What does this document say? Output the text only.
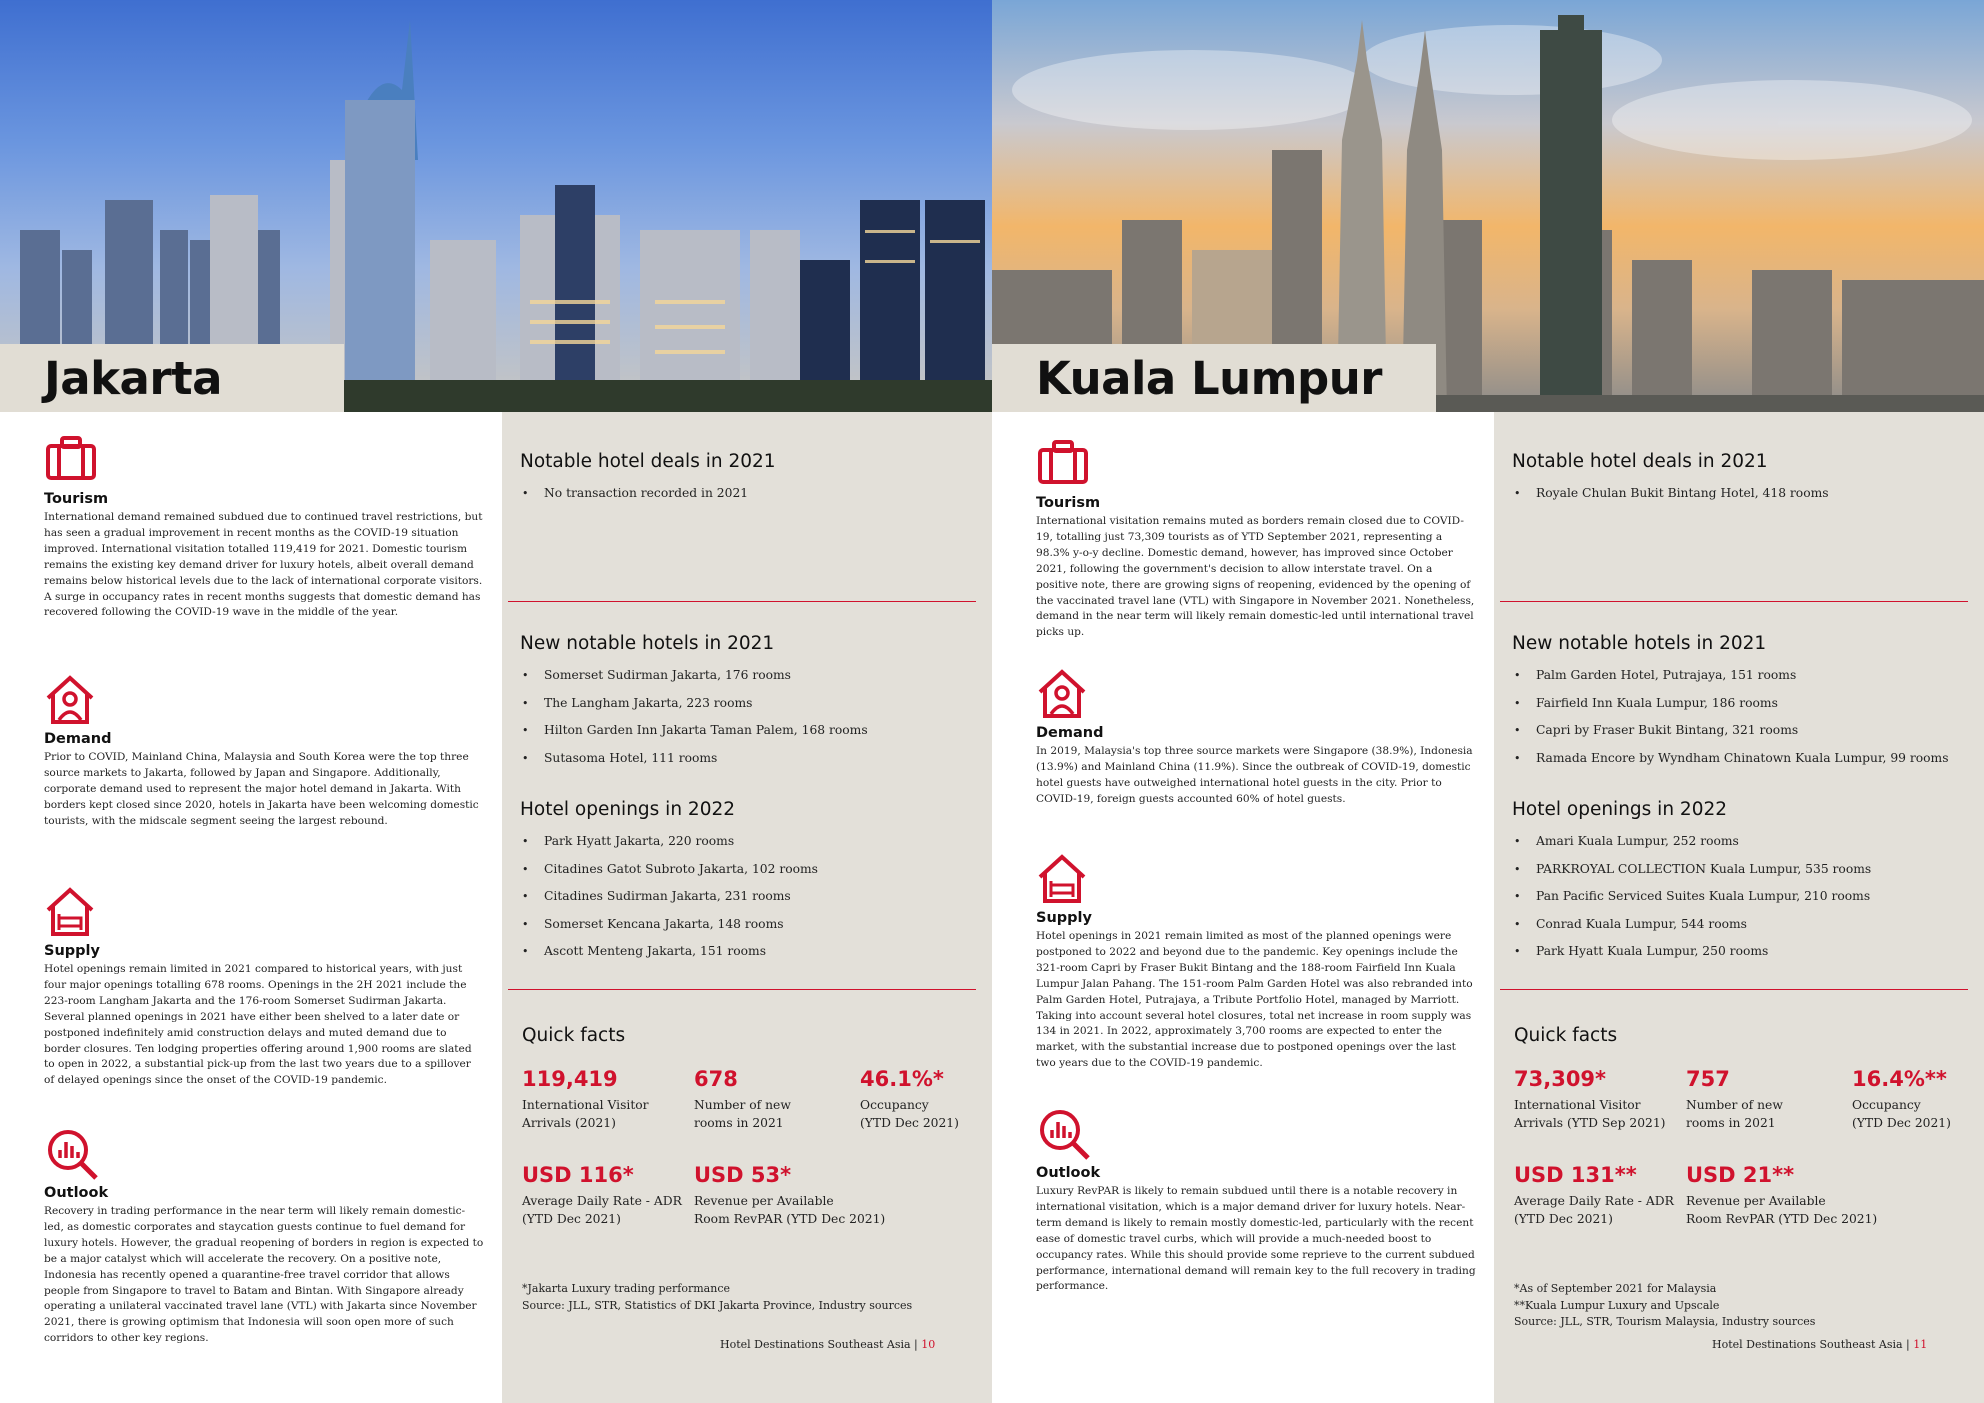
Jakarta
Tourism
International demand remained subdued due to continued travel restrictions, but has seen a gradual improvement in recent months as the COVID-19 situation improved. International visitation totalled 119,419 for 2021. Domestic tourism remains the existing key demand driver for luxury hotels, albeit overall demand remains below historical levels due to the lack of international corporate visitors. A surge in occupancy rates in recent months suggests that domestic demand has recovered following the COVID-19 wave in the middle of the year.
Demand
Prior to COVID, Mainland China, Malaysia and South Korea were the top three source markets to Jakarta, followed by Japan and Singapore. Additionally, corporate demand used to represent the major hotel demand in Jakarta. With borders kept closed since 2020, hotels in Jakarta have been welcoming domestic tourists, with the midscale segment seeing the largest rebound.
Supply
Hotel openings remain limited in 2021 compared to historical years, with just four major openings totalling 678 rooms. Openings in the 2H 2021 include the 223-room Langham Jakarta and the 176-room Somerset Sudirman Jakarta. Several planned openings in 2021 have either been shelved to a later date or postponed indefinitely amid construction delays and muted demand due to border closures. Ten lodging properties offering around 1,900 rooms are slated to open in 2022, a substantial pick-up from the last two years due to a spillover of delayed openings since the onset of the COVID-19 pandemic.
Outlook
Recovery in trading performance in the near term will likely remain domestic-led, as domestic corporates and staycation guests continue to fuel demand for luxury hotels. However, the gradual reopening of borders in region is expected to be a major catalyst which will accelerate the recovery. On a positive note, Indonesia has recently opened a quarantine-free travel corridor that allows people from Singapore to travel to Batam and Bintan. With Singapore already operating a unilateral vaccinated travel lane (VTL) with Jakarta since November 2021, there is growing optimism that Indonesia will soon open more of such corridors to other key regions.
Notable hotel deals in 2021
• No transaction recorded in 2021
New notable hotels in 2021
• Somerset Sudirman Jakarta, 176 rooms
• The Langham Jakarta, 223 rooms
• Hilton Garden Inn Jakarta Taman Palem, 168 rooms
• Sutasoma Hotel, 111 rooms
Hotel openings in 2022
• Park Hyatt Jakarta, 220 rooms
• Citadines Gatot Subroto Jakarta, 102 rooms
• Citadines Sudirman Jakarta, 231 rooms
• Somerset Kencana Jakarta, 148 rooms
• Ascott Menteng Jakarta, 151 rooms
Quick facts
119,419
International Visitor
Arrivals (2021)
678
Number of new
rooms in 2021
46.1%*
Occupancy
(YTD Dec 2021)
USD 116*
Average Daily Rate - ADR
(YTD Dec 2021)
USD 53*
Revenue per Available
Room RevPAR (YTD Dec 2021)
*Jakarta Luxury trading performance
Source: JLL, STR, Statistics of DKI Jakarta Province, Industry sources
Hotel Destinations Southeast Asia | 10
Kuala Lumpur
Tourism
International visitation remains muted as borders remain closed due to COVID-19, totalling just 73,309 tourists as of YTD September 2021, representing a 98.3% y-o-y decline. Domestic demand, however, has improved since October 2021, following the government's decision to allow interstate travel. On a positive note, there are growing signs of reopening, evidenced by the opening of the vaccinated travel lane (VTL) with Singapore in November 2021. Nonetheless, demand in the near term will likely remain domestic-led until international travel picks up.
Demand
In 2019, Malaysia's top three source markets were Singapore (38.9%), Indonesia (13.9%) and Mainland China (11.9%). Since the outbreak of COVID-19, domestic hotel guests have outweighed international hotel guests in the city. Prior to COVID-19, foreign guests accounted 60% of hotel guests.
Supply
Hotel openings in 2021 remain limited as most of the planned openings were postponed to 2022 and beyond due to the pandemic. Key openings include the 321-room Capri by Fraser Bukit Bintang and the 188-room Fairfield Inn Kuala Lumpur Jalan Pahang. The 151-room Palm Garden Hotel was also rebranded into Palm Garden Hotel, Putrajaya, a Tribute Portfolio Hotel, managed by Marriott. Taking into account several hotel closures, total net increase in room supply was 134 in 2021. In 2022, approximately 3,700 rooms are expected to enter the market, with the substantial increase due to postponed openings over the last two years due to the COVID-19 pandemic.
Outlook
Luxury RevPAR is likely to remain subdued until there is a notable recovery in international visitation, which is a major demand driver for luxury hotels. Near-term demand is likely to remain mostly domestic-led, particularly with the recent ease of domestic travel curbs, which will provide a much-needed boost to occupancy rates. While this should provide some reprieve to the current subdued performance, international demand will remain key to the full recovery in trading performance.
Notable hotel deals in 2021
• Royale Chulan Bukit Bintang Hotel, 418 rooms
New notable hotels in 2021
• Palm Garden Hotel, Putrajaya, 151 rooms
• Fairfield Inn Kuala Lumpur, 186 rooms
• Capri by Fraser Bukit Bintang, 321 rooms
• Ramada Encore by Wyndham Chinatown Kuala Lumpur, 99 rooms
Hotel openings in 2022
• Amari Kuala Lumpur, 252 rooms
• PARKROYAL COLLECTION Kuala Lumpur, 535 rooms
• Pan Pacific Serviced Suites Kuala Lumpur, 210 rooms
• Conrad Kuala Lumpur, 544 rooms
• Park Hyatt Kuala Lumpur, 250 rooms
Quick facts
73,309*
International Visitor
Arrivals (YTD Sep 2021)
757
Number of new
rooms in 2021
16.4%**
Occupancy
(YTD Dec 2021)
USD 131**
Average Daily Rate - ADR
(YTD Dec 2021)
USD 21**
Revenue per Available
Room RevPAR (YTD Dec 2021)
*As of September 2021 for Malaysia
**Kuala Lumpur Luxury and Upscale
Source: JLL, STR, Tourism Malaysia, Industry sources
Hotel Destinations Southeast Asia | 11
